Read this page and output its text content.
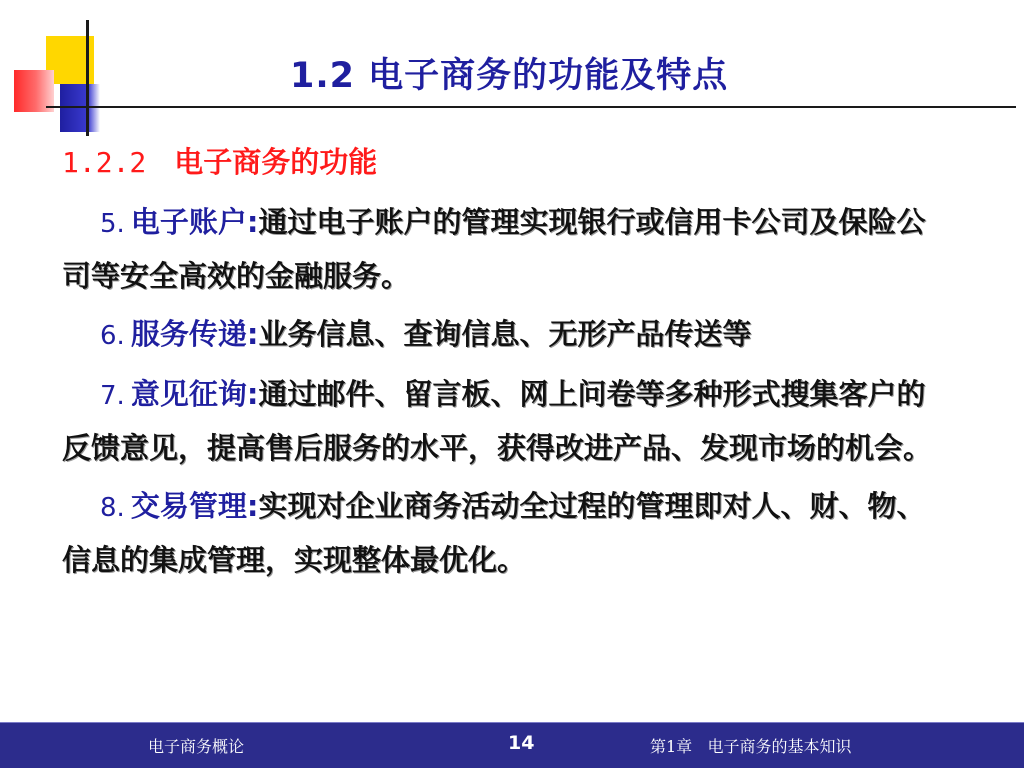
1.2 电子商务的功能及特点
1.2.2 电子商务的功能

5. 电子账户:通过电子账户的管理实现银行或信用卡公司及保险公司等安全高效的金融服务。

6. 服务传递:业务信息、查询信息、无形产品传送等

7. 意见征询:通过邮件、留言板、网上问卷等多种形式搜集客户的反馈意见，提高售后服务的水平，获得改进产品、发现市场的机会。

8. 交易管理:实现对企业商务活动全过程的管理即对人、财、物、信息的集成管理，实现整体最优化。

电子商务概论	14	第1章   电子商务的基本知识
